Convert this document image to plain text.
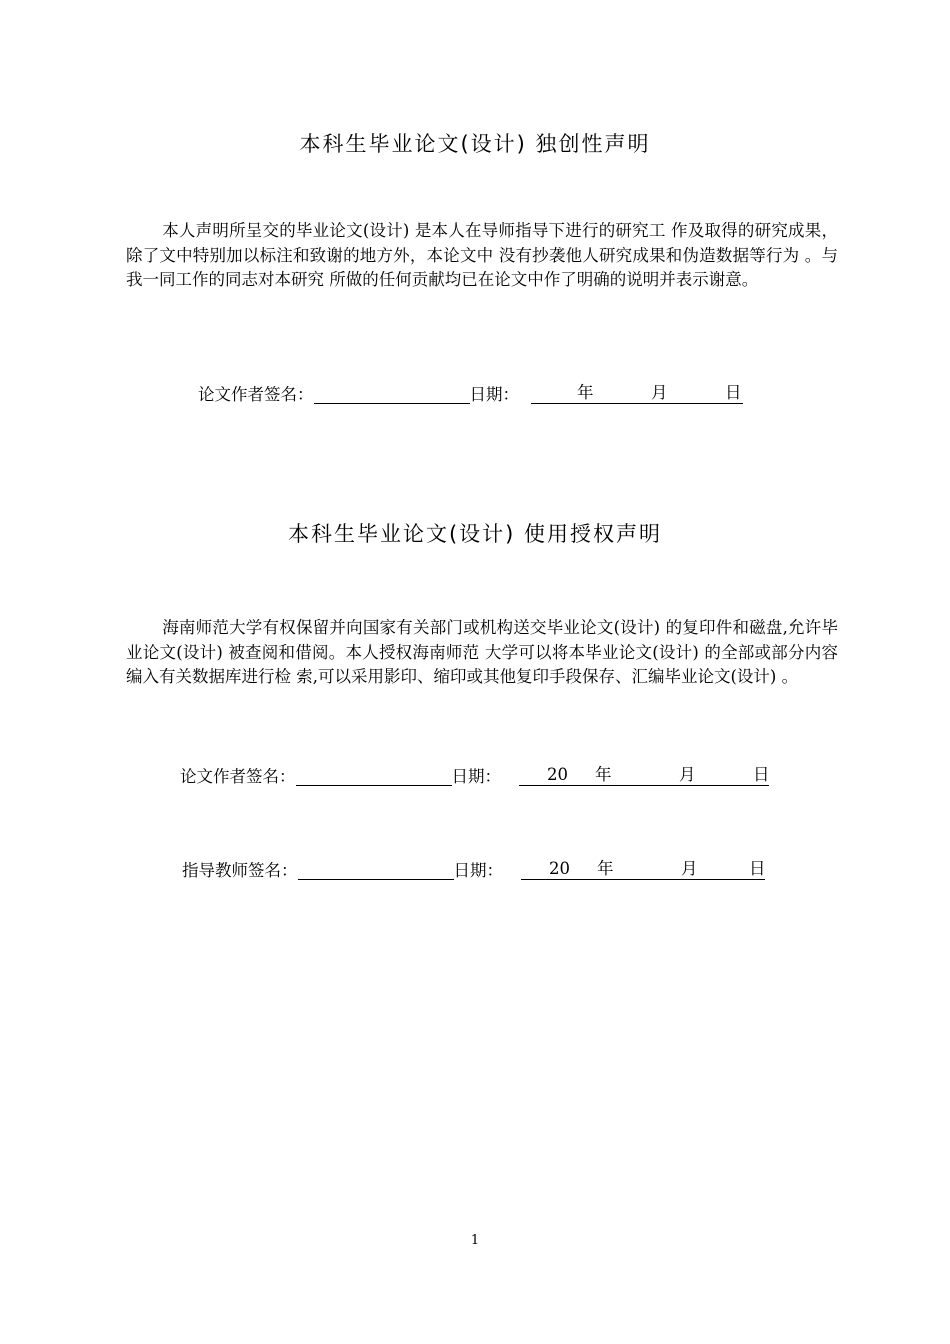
本科生毕业论文(设计) 独创性声明
本人声明所呈交的毕业论文(设计) 是本人在导师指导下进行的研究工 作及取得的研究成果，除了文中特别加以标注和致谢的地方外，本论文中 没有抄袭他人研究成果和伪造数据等行为 。与我一同工作的同志对本研究 所做的任何贡献均已在论文中作了明确的说明并表示谢意。
论文作者签名：	日期：	年	月	日
本科生毕业论文(设计) 使用授权声明
海南师范大学有权保留并向国家有关部门或机构送交毕业论文(设计) 的复印件和磁盘,允许毕业论文(设计) 被查阅和借阅。本人授权海南师范 大学可以将本毕业论文(设计) 的全部或部分内容编入有关数据库进行检 索,可以采用影印、缩印或其他复印手段保存、汇编毕业论文(设计) 。
论文作者签名：	日期：	20 年	月	日
指导教师签名：	日期：	20 年	月	日
1
